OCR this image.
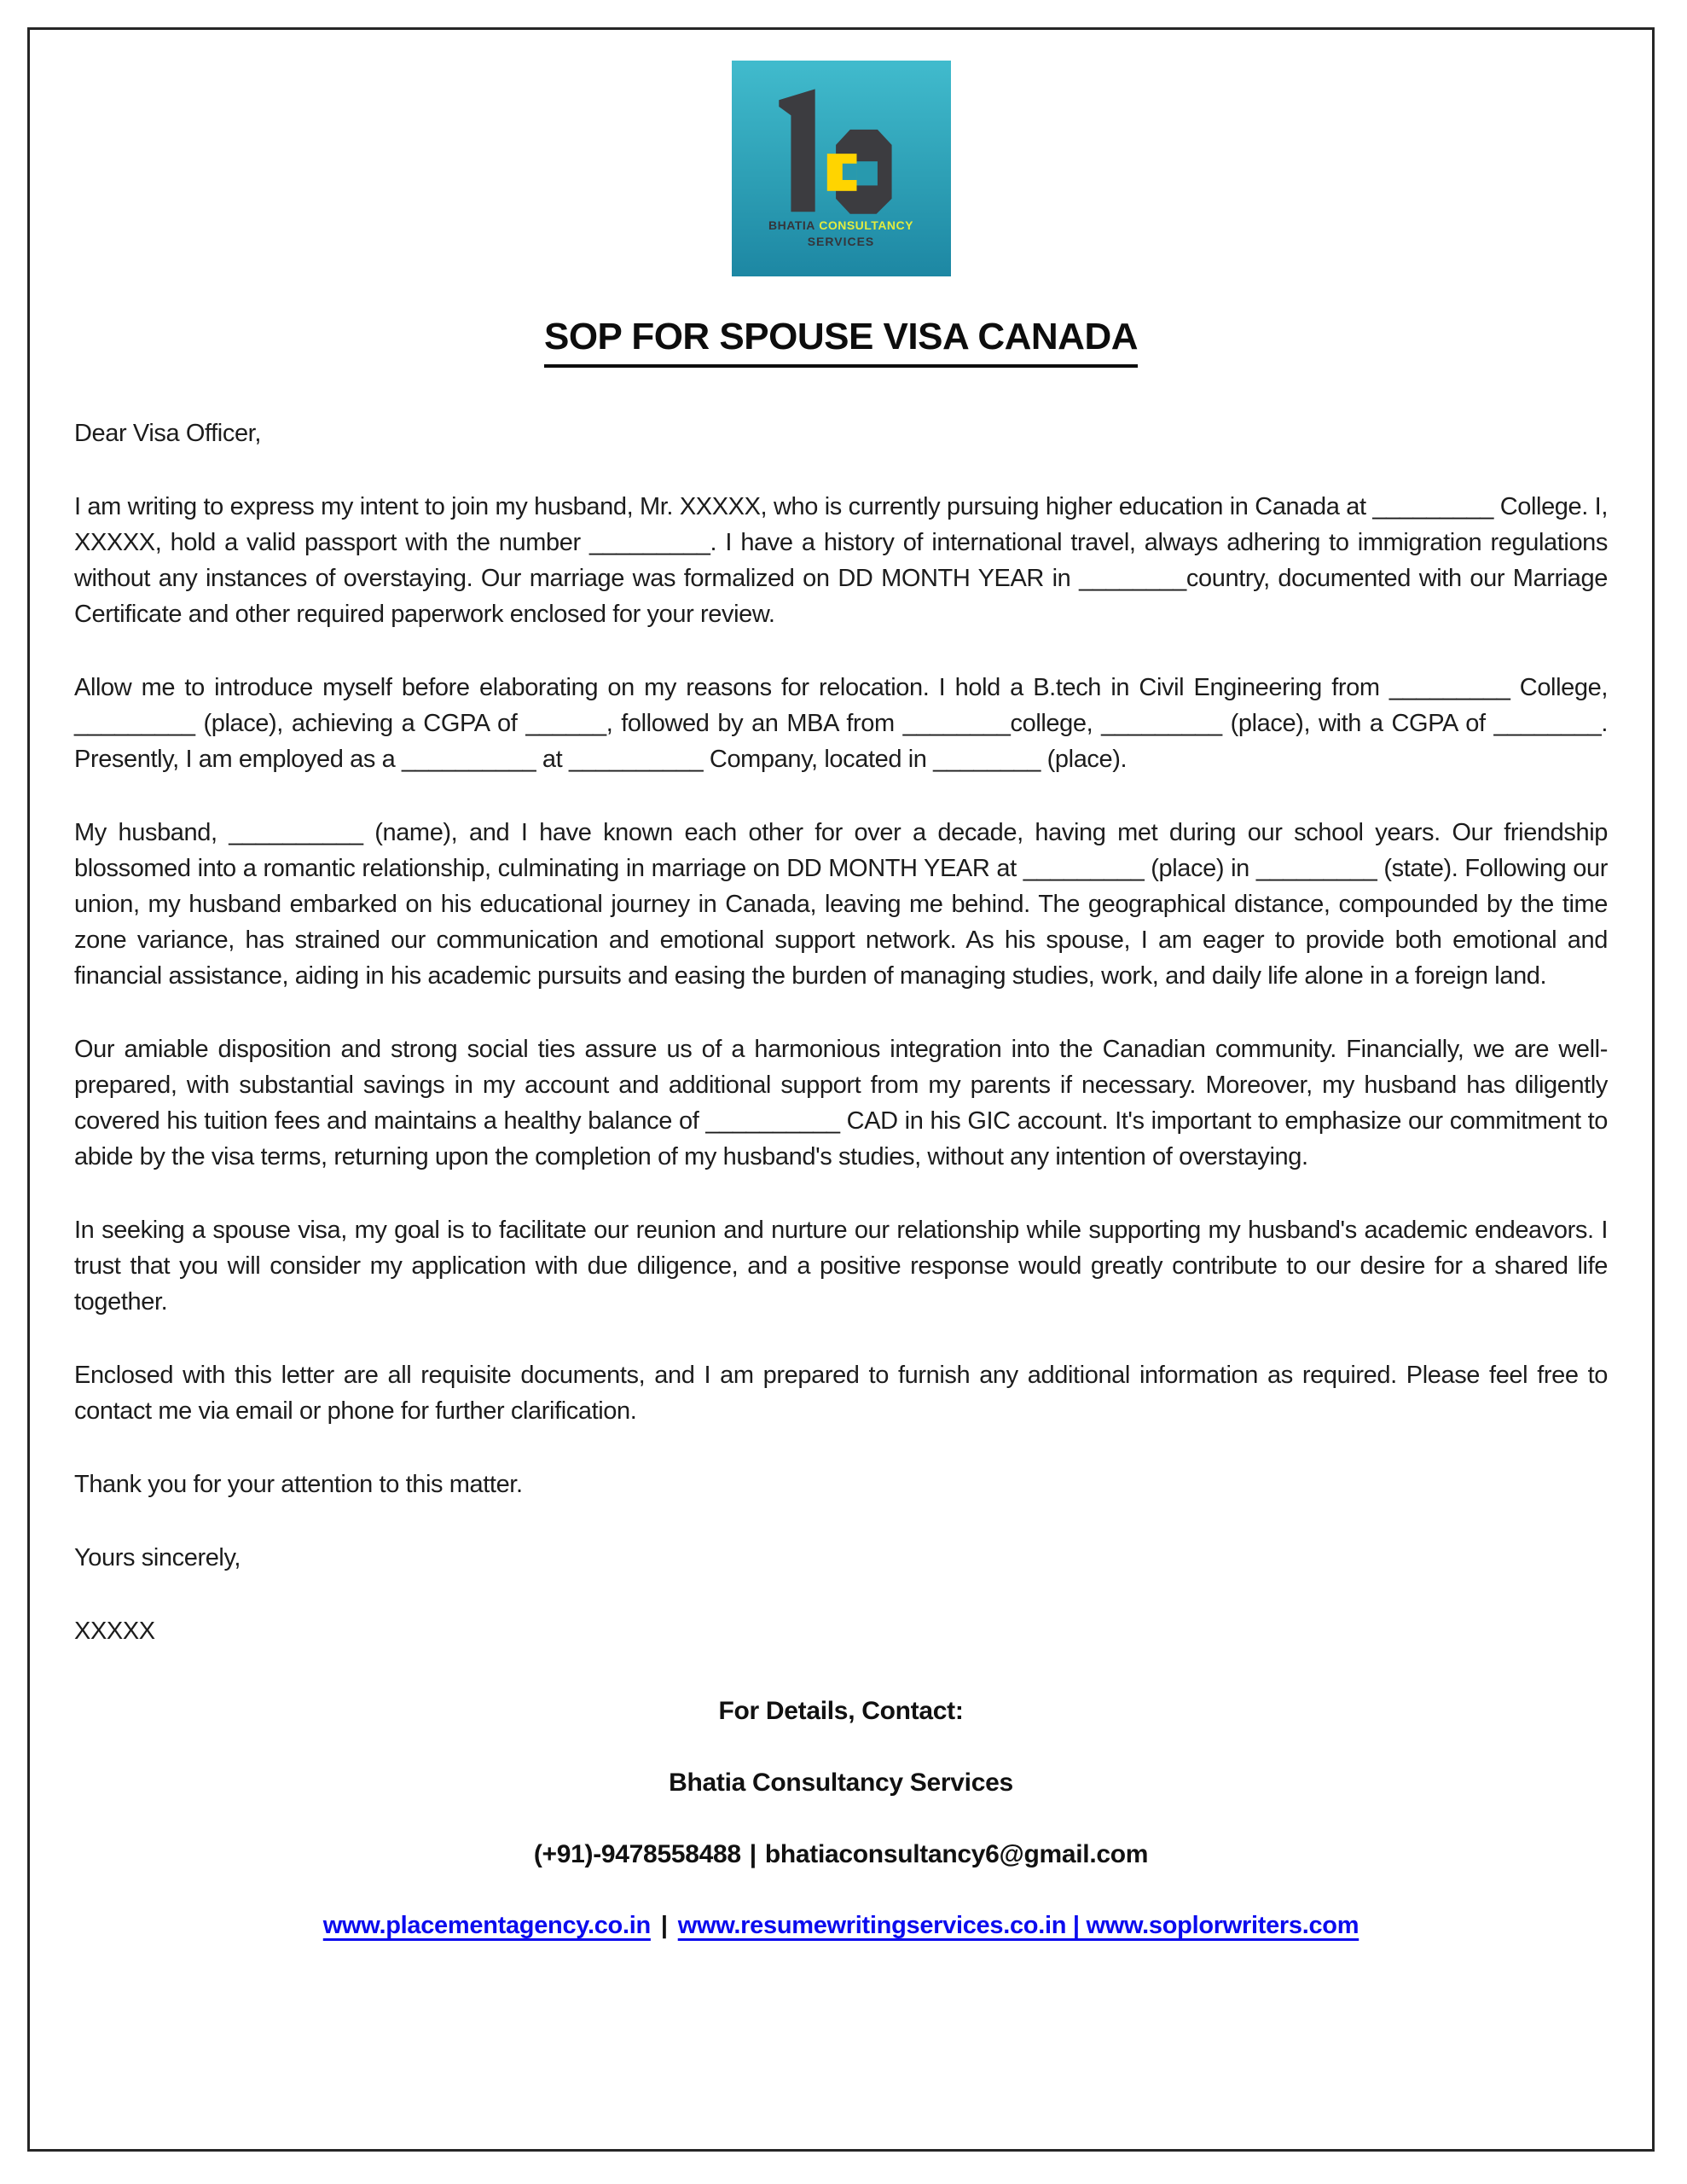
BHATIA CONSULTANCY
SERVICES
SOP FOR SPOUSE VISA CANADA

Dear Visa Officer,

I am writing to express my intent to join my husband, Mr. XXXXX, who is currently pursuing higher education in Canada at _________ College. I, XXXXX, hold a valid passport with the number _________. I have a history of international travel, always adhering to immigration regulations without any instances of overstaying. Our marriage was formalized on DD MONTH YEAR in ________country, documented with our Marriage Certificate and other required paperwork enclosed for your review.

Allow me to introduce myself before elaborating on my reasons for relocation. I hold a B.tech in Civil Engineering from _________ College, _________ (place), achieving a CGPA of ______, followed by an MBA from ________college, _________ (place), with a CGPA of ________. Presently, I am employed as a __________ at __________ Company, located in ________ (place).

My husband, __________ (name), and I have known each other for over a decade, having met during our school years. Our friendship blossomed into a romantic relationship, culminating in marriage on DD MONTH YEAR at _________ (place) in _________ (state). Following our union, my husband embarked on his educational journey in Canada, leaving me behind. The geographical distance, compounded by the time zone variance, has strained our communication and emotional support network. As his spouse, I am eager to provide both emotional and financial assistance, aiding in his academic pursuits and easing the burden of managing studies, work, and daily life alone in a foreign land.

Our amiable disposition and strong social ties assure us of a harmonious integration into the Canadian community. Financially, we are well-prepared, with substantial savings in my account and additional support from my parents if necessary. Moreover, my husband has diligently covered his tuition fees and maintains a healthy balance of __________ CAD in his GIC account. It's important to emphasize our commitment to abide by the visa terms, returning upon the completion of my husband's studies, without any intention of overstaying.

In seeking a spouse visa, my goal is to facilitate our reunion and nurture our relationship while supporting my husband's academic endeavors. I trust that you will consider my application with due diligence, and a positive response would greatly contribute to our desire for a shared life together.

Enclosed with this letter are all requisite documents, and I am prepared to furnish any additional information as required. Please feel free to contact me via email or phone for further clarification.

Thank you for your attention to this matter.

Yours sincerely,

XXXXX

For Details, Contact:

Bhatia Consultancy Services

(+91)-9478558488 | bhatiaconsultancy6@gmail.com

www.placementagency.co.in | www.resumewritingservices.co.in | www.soplorwriters.com
